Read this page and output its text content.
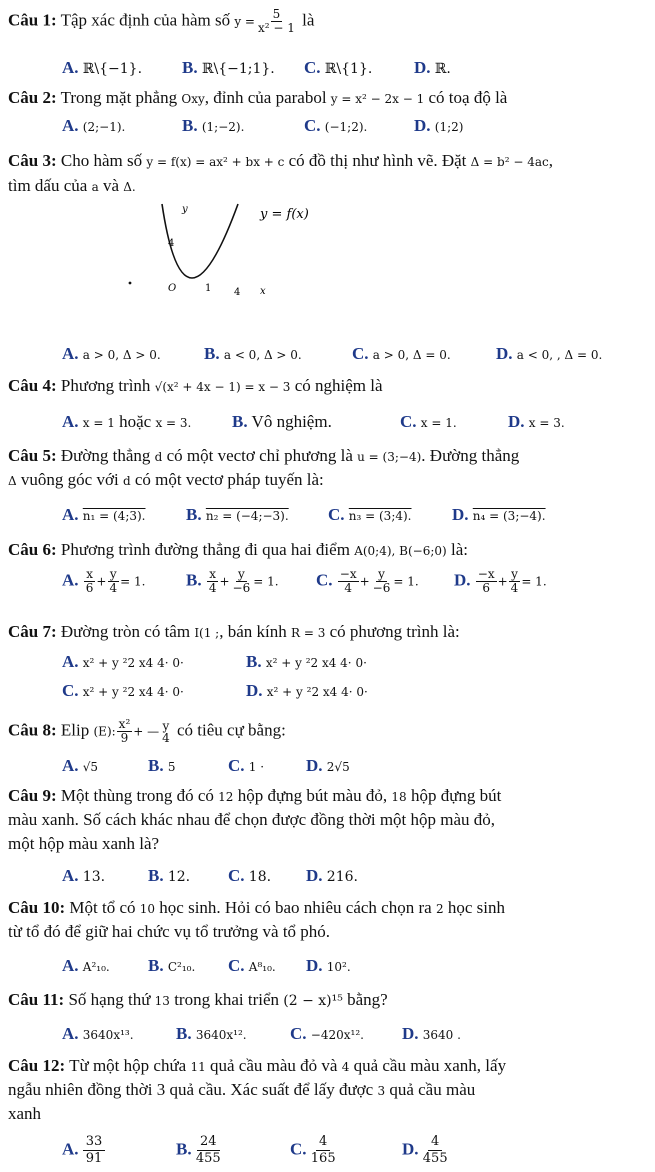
Câu 1: Tập xác định của hàm số $y = \frac{5}{\text{x² − 1}}$ là
A. ℝ\{−1}. B. ℝ\{−1;1}. C. ℝ\{1}. D. ℝ.
Câu 2: Trong mặt phẳng Oxy, đỉnh của parabol y = x² − 2x − 1 có toạ độ là
A. (2;−1).	B. (1;−2).	C. (−1;2).	D. (1;2)
Câu 3: Cho hàm số y = f(x) = ax² + bx + c có đồ thị như hình vẽ. Đặt Δ = b² − 4ac,
tìm dấu của a và Δ.
y	y = f(x)
4
O	1 4 x
A. a > 0, Δ > 0.	B. a < 0, Δ > 0.	C. a > 0, Δ = 0.	D. a < 0, , Δ = 0.
Câu 4: Phương trình √(x² + 4x − 1) = x − 3 có nghiệm là
A. x = 1 hoặc x = 3. B. Vô nghiệm.	C. x = 1.	D. x = 3.
Câu 5: Đường thẳng d có một vectơ chỉ phương là u = (3;−4). Đường thẳng
Δ vuông góc với d có một vectơ pháp tuyến là:
A. n₁ = (4;3). B. n₂ = (−4;−3). C. n₃ = (3;4). D. n₄ = (3;−4).
Câu 6: Phương trình đường thẳng đi qua hai điểm A(0;4), B(−6;0) là:
A. $\frac{x}{6} + \frac{y}{4} = 1$. B. $\frac{x}{4} + \frac{y}{-6} = 1$. C. $\frac{-x}{4} + \frac{y}{-6} = 1$. D. $\frac{-x}{6} + \frac{y}{4} = 1$.
Câu 7: Đường tròn có tâm I(1 ;, bán kính R = 3 có phương trình là:
A. x² + y ²2 x4 4· 0·	B. x² + y ²2 x4 4· 0·
C. x² + y ²2 x4 4· 0·	D. x² + y ²2 x4 4· 0·
Câu 8: Elip (E): $\frac{\text{x²}}{9}$ + — y
4 có tiêu cự bằng:
A. √5	B. 5	C. 1 · D. 2√5
Câu 9: Một thùng trong đó có 12 hộp đựng bút màu đỏ, 18 hộp đựng bút
màu xanh. Số cách khác nhau để chọn được đồng thời một hộp màu đỏ,
một hộp màu xanh là?
A. 13.	B. 12. C. 18. D. 216.
Câu 10: Một tổ có 10 học sinh. Hỏi có bao nhiêu cách chọn ra 2 học sinh
từ tổ đó để giữ hai chức vụ tổ trưởng và tổ phó.
A. A²₁₀. B. C²₁₀. C. A⁸₁₀. D. 10².
Câu 11: Số hạng thứ 13 trong khai triển (2 − x)¹⁵ bằng?
A. 3640x¹³. B. 3640x¹².	C. −420x¹². D. 3640 .
Câu 12: Từ một hộp chứa 11 quả cầu màu đỏ và 4 quả cầu màu xanh, lấy
ngẫu nhiên đồng thời 3 quả cầu. Xác suất để lấy được 3 quả cầu màu
xanh
A. $\frac{33}{91}$	B. $\frac{24}{455}$	C. $\frac{4}{165}$	D. $\frac{4}{455}$
